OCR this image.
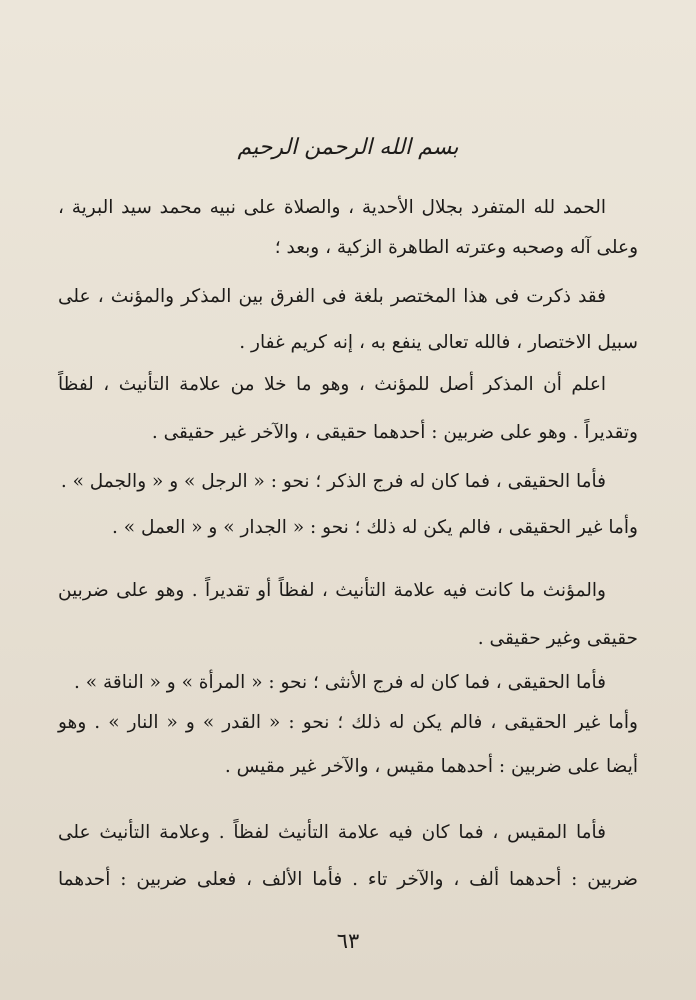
بسم الله الرحمن الرحيم
الحمد لله المتفرد بجلال الأحدية ، والصلاة على نبيه محمد سيد البرية ،
وعلى آله وصحبه وعترته الطاهرة الزكية ، وبعد ؛
فقد ذكرت فى هذا المختصر بلغة فى الفرق بين المذكر والمؤنث ، على
سبيل الاختصار ، فالله تعالى ينفع به ، إنه كريم غفار .
اعلم أن المذكر أصل للمؤنث ، وهو ما خلا من علامة التأنيث ، لفظاً
وتقديراً . وهو على ضربين : أحدهما حقيقى ، والآخر غير حقيقى .
فأما الحقيقى ، فما كان له فرج الذكر ؛ نحو : « الرجل » و « والجمل » .
وأما غير الحقيقى ، فالم يكن له ذلك ؛ نحو : « الجدار » و « العمل » .
والمؤنث ما كانت فيه علامة التأنيث ، لفظاً أو تقديراً . وهو على ضربين
حقيقى وغير حقيقى .
فأما الحقيقى ، فما كان له فرج الأنثى ؛ نحو : « المرأة » و « الناقة » .
وأما غير الحقيقى ، فالم يكن له ذلك ؛ نحو : « القدر » و « النار » . وهو
أيضا على ضربين : أحدهما مقيس ، والآخر غير مقيس .
فأما المقيس ، فما كان فيه علامة التأنيث لفظاً . وعلامة التأنيث على
ضربين : أحدهما ألف ، والآخر تاء . فأما الألف ، فعلى ضربين : أحدهما
٦٣
